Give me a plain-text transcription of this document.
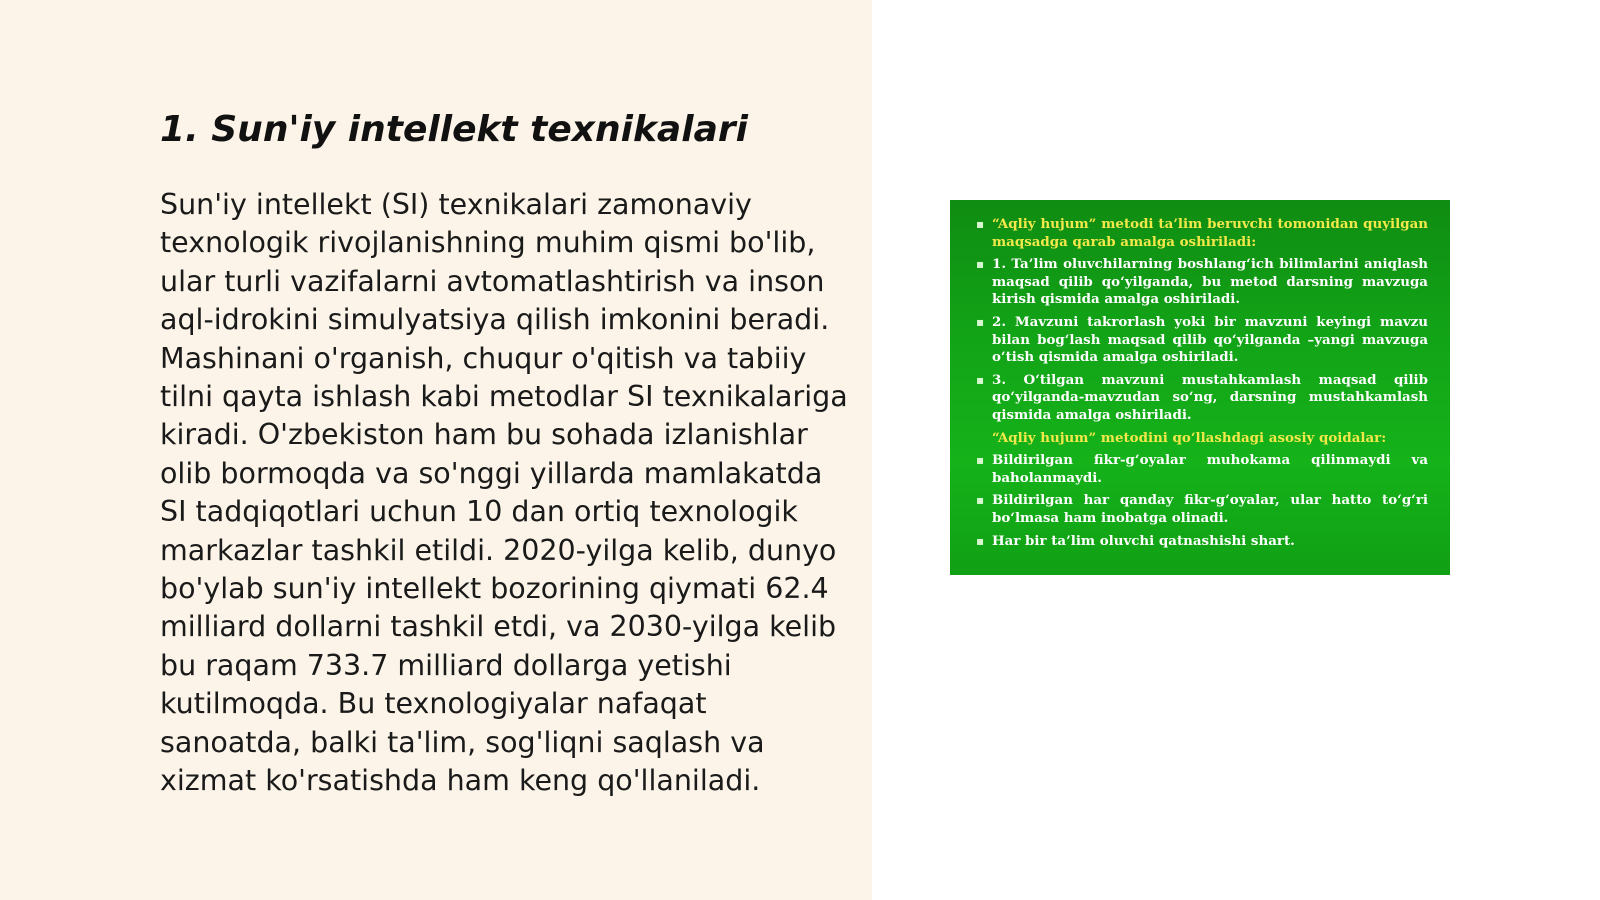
1. Sun'iy intellekt texnikalari

Sun'iy intellekt (SI) texnikalari zamonaviy texnologik rivojlanishning muhim qismi bo'lib, ular turli vazifalarni avtomatlashtirish va inson aql-idrokini simulyatsiya qilish imkonini beradi. Mashinani o'rganish, chuqur o'qitish va tabiiy tilni qayta ishlash kabi metodlar SI texnikalariga kiradi. O'zbekiston ham bu sohada izlanishlar olib bormoqda va so'nggi yillarda mamlakatda SI tadqiqotlari uchun 10 dan ortiq texnologik markazlar tashkil etildi. 2020-yilga kelib, dunyo bo'ylab sun'iy intellekt bozorining qiymati 62.4 milliard dollarni tashkil etdi, va 2030-yilga kelib bu raqam 733.7 milliard dollarga yetishi kutilmoqda. Bu texnologiyalar nafaqat sanoatda, balki ta'lim, sog'liqni saqlash va xizmat ko'rsatishda ham keng qo'llaniladi.

▪ “Aqliy hujum” metodi ta’lim beruvchi tomonidan quyilgan maqsadga qarab amalga oshiriladi:
▪ 1. Ta’lim oluvchilarning boshlang‘ich bilimlarini aniqlash maqsad qilib qo‘yilganda, bu metod darsning mavzuga kirish qismida amalga oshiriladi.
▪ 2. Mavzuni takrorlash yoki bir mavzuni keyingi mavzu bilan bog‘lash maqsad qilib qo‘yilganda –yangi mavzuga o‘tish qismida amalga oshiriladi.
▪ 3. O‘tilgan mavzuni mustahkamlash maqsad qilib qo‘yilganda-mavzudan so‘ng, darsning mustahkamlash qismida amalga oshiriladi.
“Aqliy hujum” metodini qo‘llashdagi asosiy qoidalar:
▪ Bildirilgan fikr-g‘oyalar muhokama qilinmaydi va baholanmaydi.
▪ Bildirilgan har qanday fikr-g‘oyalar, ular hatto to‘g‘ri bo‘lmasa ham inobatga olinadi.
▪ Har bir ta’lim oluvchi qatnashishi shart.
